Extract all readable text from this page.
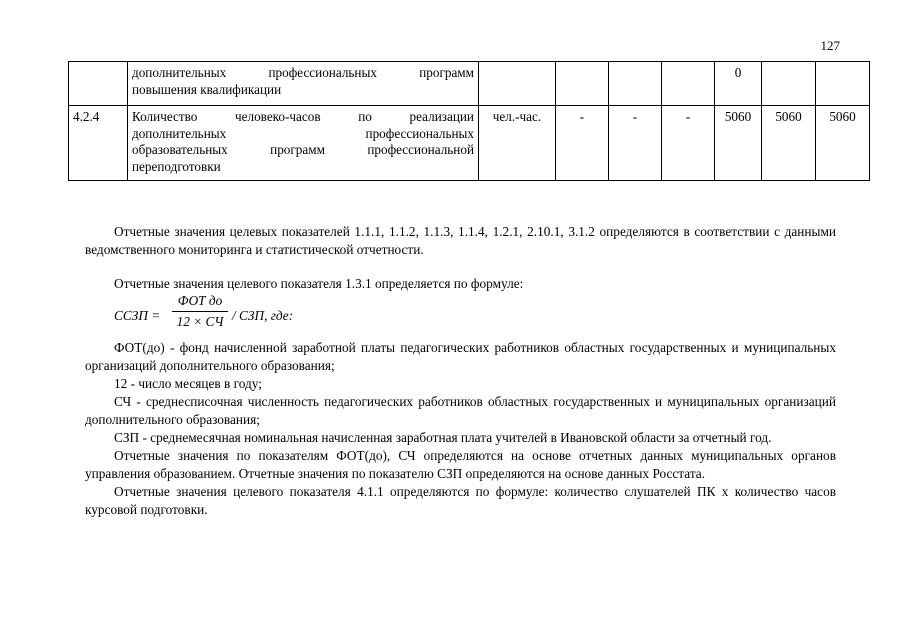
127

	дополнительных профессиональных программ
повышения квалификации					0		
4.2.4	Количество человеко-часов по реализации
дополнительных профессиональных
образовательных программ профессиональной
переподготовки	чел.-час.	-	-	-	5060	5060	5060

Отчетные значения целевых показателей 1.1.1, 1.1.2, 1.1.3, 1.1.4, 1.2.1, 2.10.1, 3.1.2 определяются в соответствии с данными ведомственного мониторинга и статистической отчетности.

Отчетные значения целевого показателя 1.3.1 определяется по формуле:

ССЗП =
ФОТ до
12 × СЧ / СЗП, где:

ФОТ(до) - фонд начисленной заработной платы педагогических работников областных государственных и муниципальных организаций дополнительного образования;

12 - число месяцев в году;

СЧ - среднесписочная численность педагогических работников областных государственных и муниципальных организаций дополнительного образования;

СЗП - среднемесячная номинальная начисленная заработная плата учителей в Ивановской области за отчетный год.

Отчетные значения по показателям ФОТ(до), СЧ определяются на основе отчетных данных муниципальных органов управления образованием. Отчетные значения по показателю СЗП определяются на основе данных Росстата.

Отчетные значения целевого показателя 4.1.1 определяются по формуле: количество слушателей ПК х количество часов курсовой подготовки.
